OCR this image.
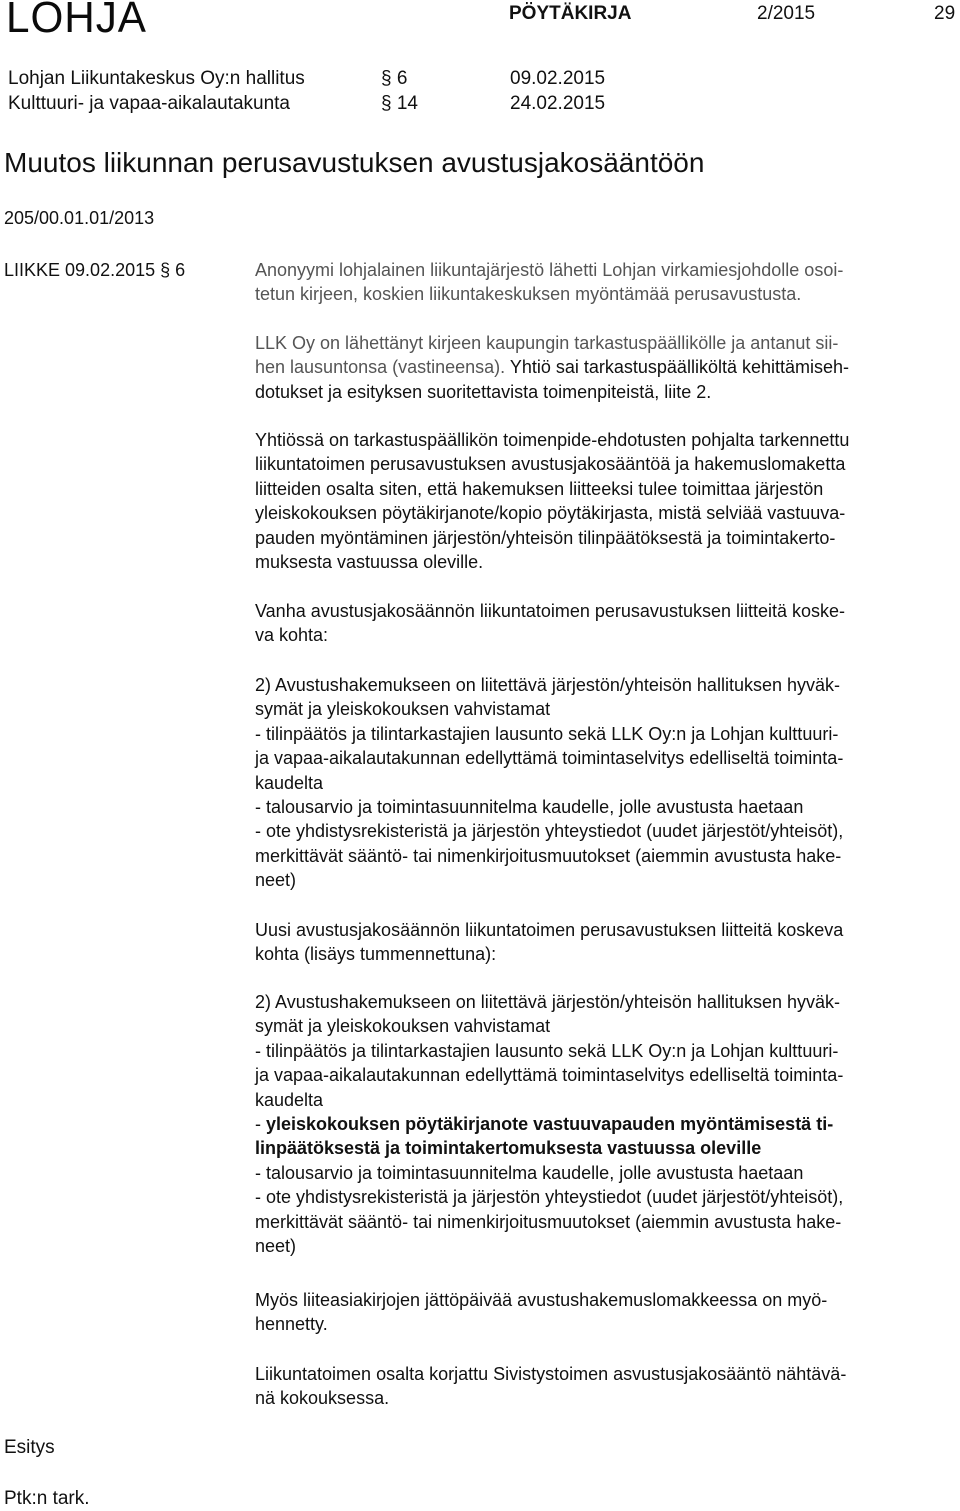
LOHJA	PÖYTÄKIRJA	2/2015	29
Lohjan Liikuntakeskus Oy:n hallitus	§ 6	09.02.2015
Kulttuuri- ja vapaa-aikalautakunta	§ 14	24.02.2015
Muutos liikunnan perusavustuksen avustusjakosääntöön
205/00.01.01/2013
LIIKKE 09.02.2015 § 6	Anonyymi lohjalainen liikuntajärjestö lähetti Lohjan virkamiesjohdolle osoi-
tetun kirjeen, koskien liikuntakeskuksen myöntämää perusavustusta.
LLK Oy on lähettänyt kirjeen kaupungin tarkastuspäällikölle ja antanut sii-
hen lausuntonsa (vastineensa). Yhtiö sai tarkastuspäälliköltä kehittämiseh-
dotukset ja esityksen suoritettavista toimenpiteistä, liite 2.
Yhtiössä on tarkastuspäällikön toimenpide-ehdotusten pohjalta tarkennettu
liikuntatoimen perusavustuksen avustusjakosääntöä ja hakemuslomaketta
liitteiden osalta siten, että hakemuksen liitteeksi tulee toimittaa järjestön
yleiskokouksen pöytäkirjanote/kopio pöytäkirjasta, mistä selviää vastuuva-
pauden myöntäminen järjestön/yhteisön tilinpäätöksestä ja toimintakerto-
muksesta vastuussa oleville.
Vanha avustusjakosäännön liikuntatoimen perusavustuksen liitteitä koske-
va kohta:
2) Avustushakemukseen on liitettävä järjestön/yhteisön hallituksen hyväk-
symät ja yleiskokouksen vahvistamat
- tilinpäätös ja tilintarkastajien lausunto sekä LLK Oy:n ja Lohjan kulttuuri-
ja vapaa-aikalautakunnan edellyttämä toimintaselvitys edelliseltä toiminta-
kaudelta
- talousarvio ja toimintasuunnitelma kaudelle, jolle avustusta haetaan
- ote yhdistysrekisteristä ja järjestön yhteystiedot (uudet järjestöt/yhteisöt),
merkittävät sääntö- tai nimenkirjoitusmuutokset (aiemmin avustusta hake-
neet)
Uusi avustusjakosäännön liikuntatoimen perusavustuksen liitteitä koskeva
kohta (lisäys tummennettuna):
2) Avustushakemukseen on liitettävä järjestön/yhteisön hallituksen hyväk-
symät ja yleiskokouksen vahvistamat
- tilinpäätös ja tilintarkastajien lausunto sekä LLK Oy:n ja Lohjan kulttuuri-
ja vapaa-aikalautakunnan edellyttämä toimintaselvitys edelliseltä toiminta-
kaudelta
- yleiskokouksen pöytäkirjanote vastuuvapauden myöntämisestä ti-
linpäätöksestä ja toimintakertomuksesta vastuussa oleville
- talousarvio ja toimintasuunnitelma kaudelle, jolle avustusta haetaan
- ote yhdistysrekisteristä ja järjestön yhteystiedot (uudet järjestöt/yhteisöt),
merkittävät sääntö- tai nimenkirjoitusmuutokset (aiemmin avustusta hake-
neet)
Myös liiteasiakirjojen jättöpäivää avustushakemuslomakkeessa on myö-
hennetty.
Liikuntatoimen osalta korjattu Sivistystoimen asvustusjakosääntö nähtävä-
nä kokouksessa.
Esitys
Ptk:n tark.
